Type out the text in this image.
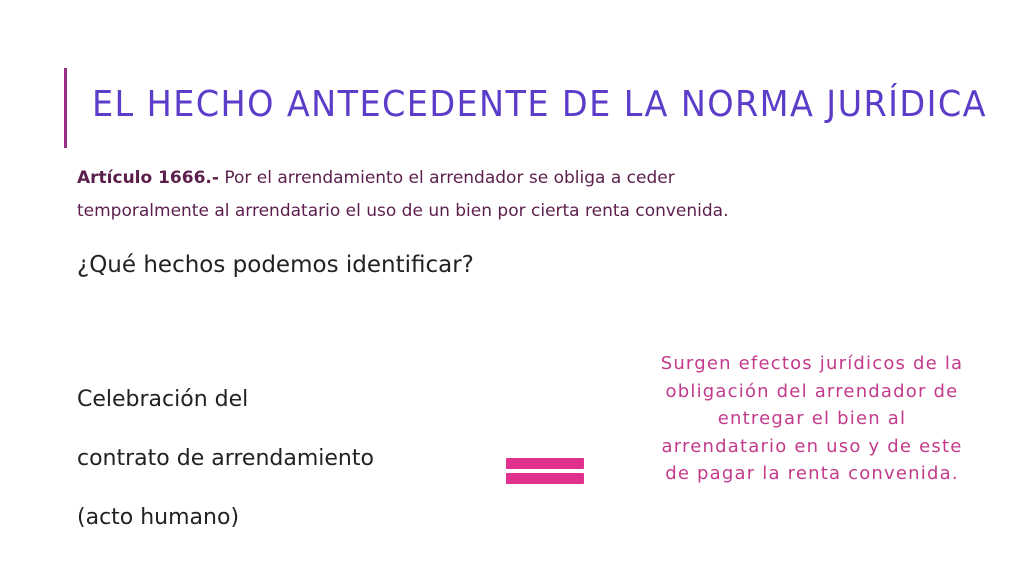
EL HECHO ANTECEDENTE DE LA NORMA JURÍDICA

Artículo 1666.- Por el arrendamiento el arrendador se obliga a ceder
temporalmente al arrendatario el uso de un bien por cierta renta convenida.

¿Qué hechos podemos identificar?

Celebración del
contrato de arrendamiento
(acto humano)
Surgen efectos jurídicos de la
obligación del arrendador de
entregar el bien al
arrendatario en uso y de este
de pagar la renta convenida.
